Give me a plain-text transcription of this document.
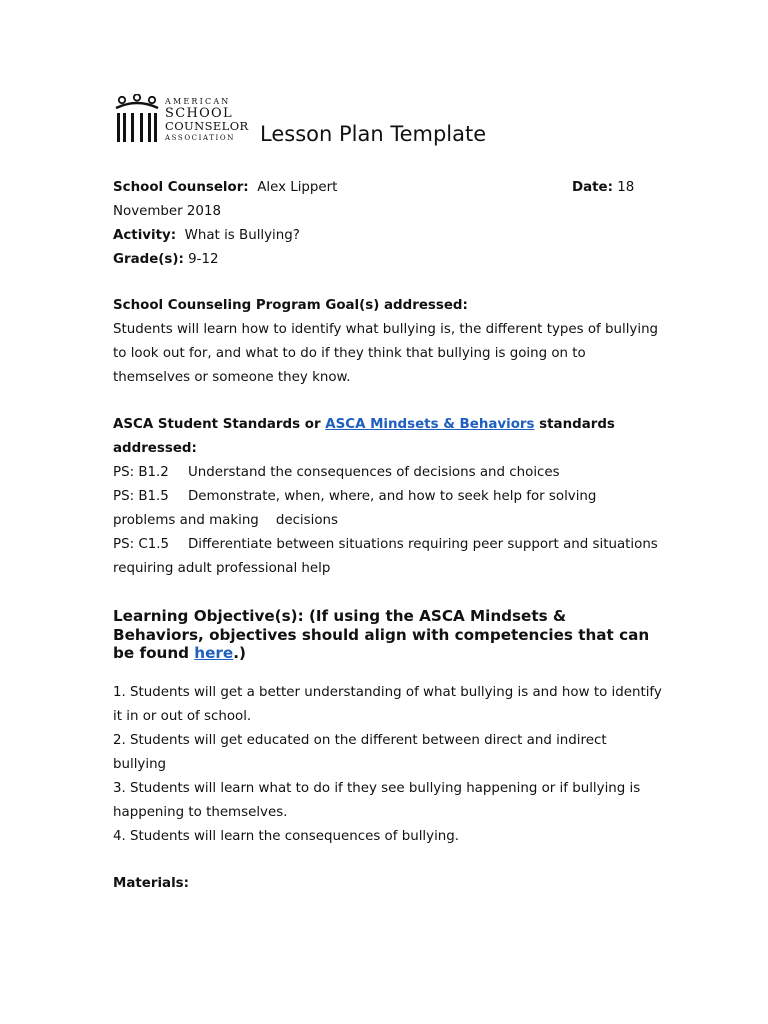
AMERICAN
SCHOOL
COUNSELOR
ASSOCIATION	Lesson Plan Template
School Counselor: Alex Lippert	Date: 18
November 2018
Activity: What is Bullying?
Grade(s): 9-12
School Counseling Program Goal(s) addressed:
Students will learn how to identify what bullying is, the different types of bullying
to look out for, and what to do if they think that bullying is going on to
themselves or someone they know.
ASCA Student Standards or ASCA Mindsets & Behaviors standards
addressed:
PS: B1.2 Understand the consequences of decisions and choices
PS: B1.5 Demonstrate, when, where, and how to seek help for solving
problems and making    decisions
PS: C1.5 Differentiate between situations requiring peer support and situations
requiring adult professional help
Learning Objective(s): (If using the ASCA Mindsets &
Behaviors, objectives should align with competencies that can
be found here.)
1. Students will get a better understanding of what bullying is and how to identify
it in or out of school.
2. Students will get educated on the different between direct and indirect
bullying
3. Students will learn what to do if they see bullying happening or if bullying is
happening to themselves.
4. Students will learn the consequences of bullying.
Materials:
